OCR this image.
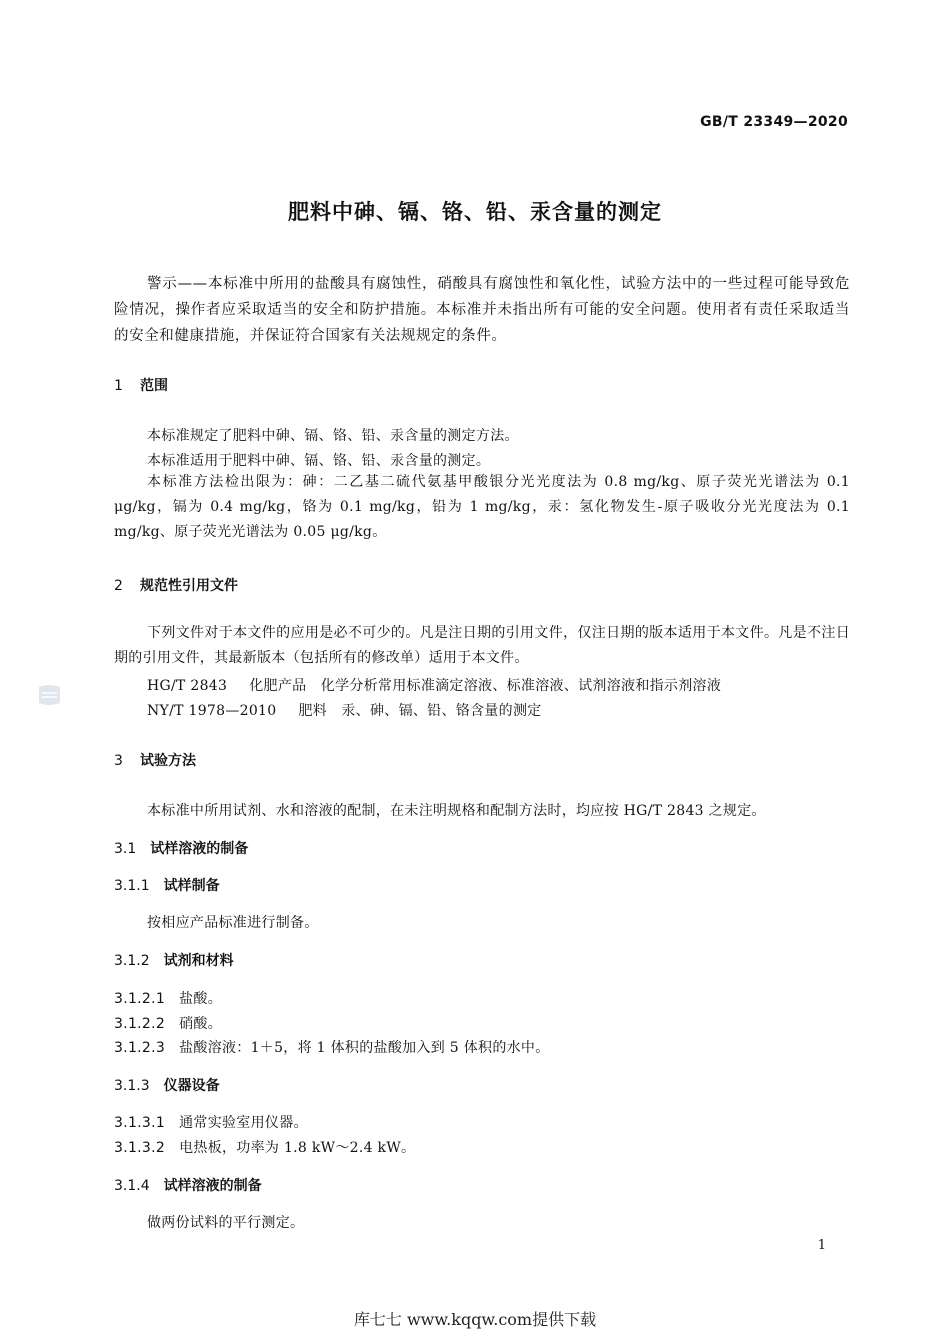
GB/T 23349—2020
肥料中砷、镉、铬、铅、汞含量的测定
警示——本标准中所用的盐酸具有腐蚀性，硝酸具有腐蚀性和氧化性，试验方法中的一些过程可能导致危险情况，操作者应采取适当的安全和防护措施。本标准并未指出所有可能的安全问题。使用者有责任采取适当的安全和健康措施，并保证符合国家有关法规规定的条件。
1 范围
本标准规定了肥料中砷、镉、铬、铅、汞含量的测定方法。
本标准适用于肥料中砷、镉、铬、铅、汞含量的测定。
本标准方法检出限为：砷：二乙基二硫代氨基甲酸银分光光度法为 0.8 mg/kg、原子荧光光谱法为 0.1 μg/kg，镉为 0.4 mg/kg，铬为 0.1 mg/kg，铅为 1 mg/kg，汞：氢化物发生-原子吸收分光光度法为 0.1 mg/kg、原子荧光光谱法为 0.05 μg/kg。
2 规范性引用文件
下列文件对于本文件的应用是必不可少的。凡是注日期的引用文件，仅注日期的版本适用于本文件。凡是不注日期的引用文件，其最新版本（包括所有的修改单）适用于本文件。
HG/T 2843 化肥产品　化学分析常用标准滴定溶液、标准溶液、试剂溶液和指示剂溶液
NY/T 1978—2010 肥料　汞、砷、镉、铅、铬含量的测定
3 试验方法
本标准中所用试剂、水和溶液的配制，在未注明规格和配制方法时，均应按 HG/T 2843 之规定。
3.1 试样溶液的制备
3.1.1 试样制备
按相应产品标准进行制备。
3.1.2 试剂和材料
3.1.2.1 盐酸。
3.1.2.2 硝酸。
3.1.2.3 盐酸溶液：1＋5，将 1 体积的盐酸加入到 5 体积的水中。
3.1.3 仪器设备
3.1.3.1 通常实验室用仪器。
3.1.3.2 电热板，功率为 1.8 kW～2.4 kW。
3.1.4 试样溶液的制备
做两份试料的平行测定。
1
库七七 www.kqqw.com提供下载
